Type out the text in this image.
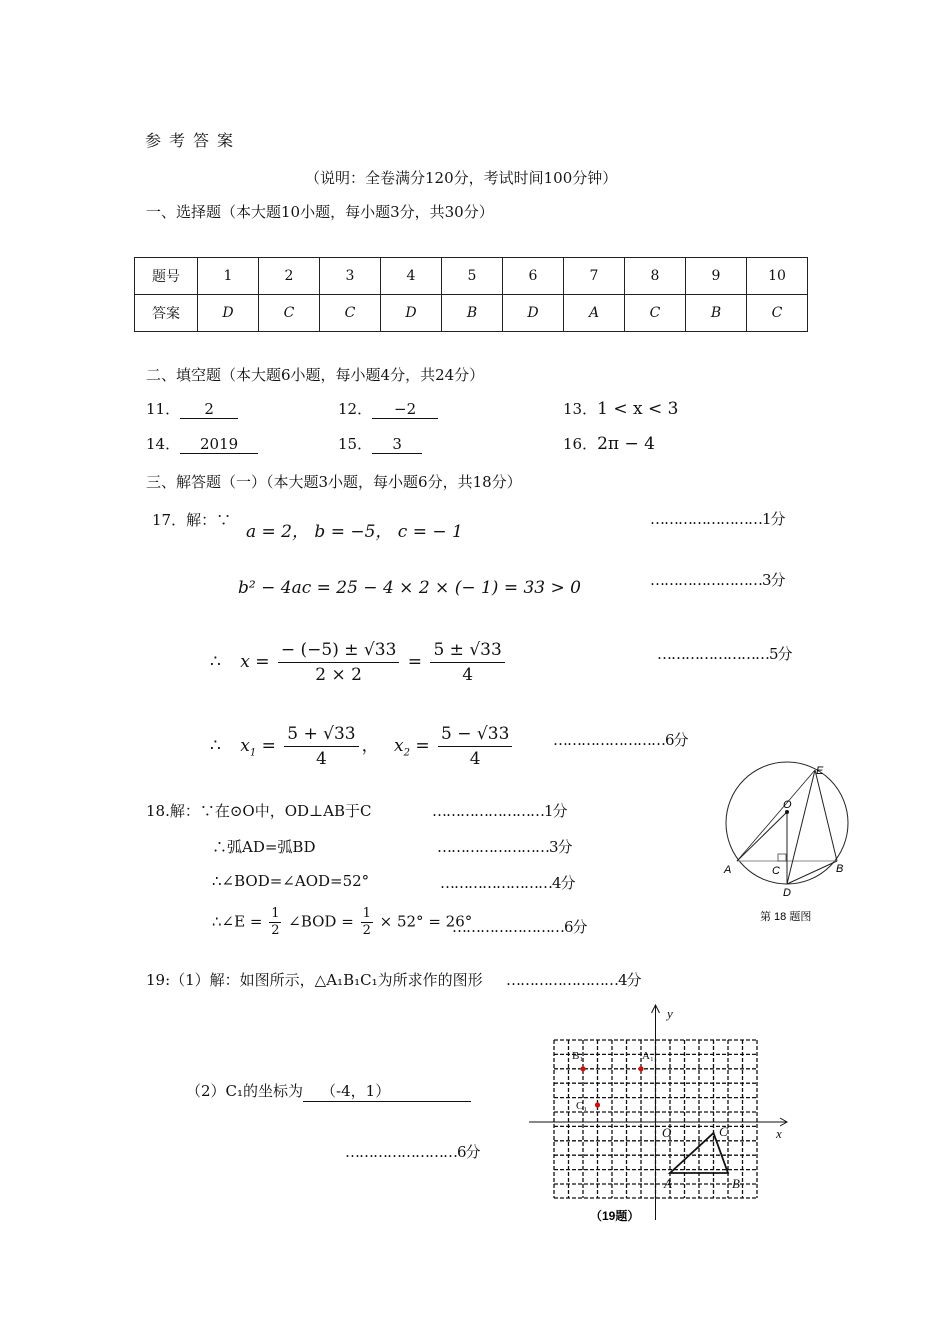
参考答案
（说明：全卷满分120分，考试时间100分钟）
一、选择题（本大题10小题，每小题3分，共30分）
题号	1	2	3	4	5	6	7	8	9	10
答案	D	C	C	D	B	D	A	C	B	C
二、填空题（本大题6小题，每小题4分，共24分）
11． 2	12． −2	13．1 < x < 3
14． 2019	15． 3	16．2π − 4
三、解答题（一）（本大题3小题，每小题6分，共18分）
17．解：∵
a = 2， b = −5， c = − 1
……………………1分
b² − 4ac = 25 − 4 × 2 × (− 1) = 33 > 0	……………………3分
∴ $x = \frac{- (-5) \pm √33}{2 \times 2} = \frac{5 \pm √33}{4}$	……………………5分
∴ $x_1 = \frac{5 + √33}{4}$ ， $x_2 = \frac{5 - √33}{4}$	……………………6分
18.解：∵在⊙O中，OD⊥AB于C	……………………1分
∴弧AD=弧BD	……………………3分
∴∠BOD=∠AOD=52°	……………………4分
∴∠E = $\frac{1}{2}$ ∠BOD = $\frac{1}{2} \times 52^\circ = 26^\circ$
……………………6分
E
O
A	C	B
D
第 18 题图
19:（1）解：如图所示，△A₁B₁C₁为所求作的图形 ……………………4分
（2）C₁的坐标为 （-4，1）
……………………6分
y
x
O	C
A	B
A₁
B₁
C₁
（19题）
